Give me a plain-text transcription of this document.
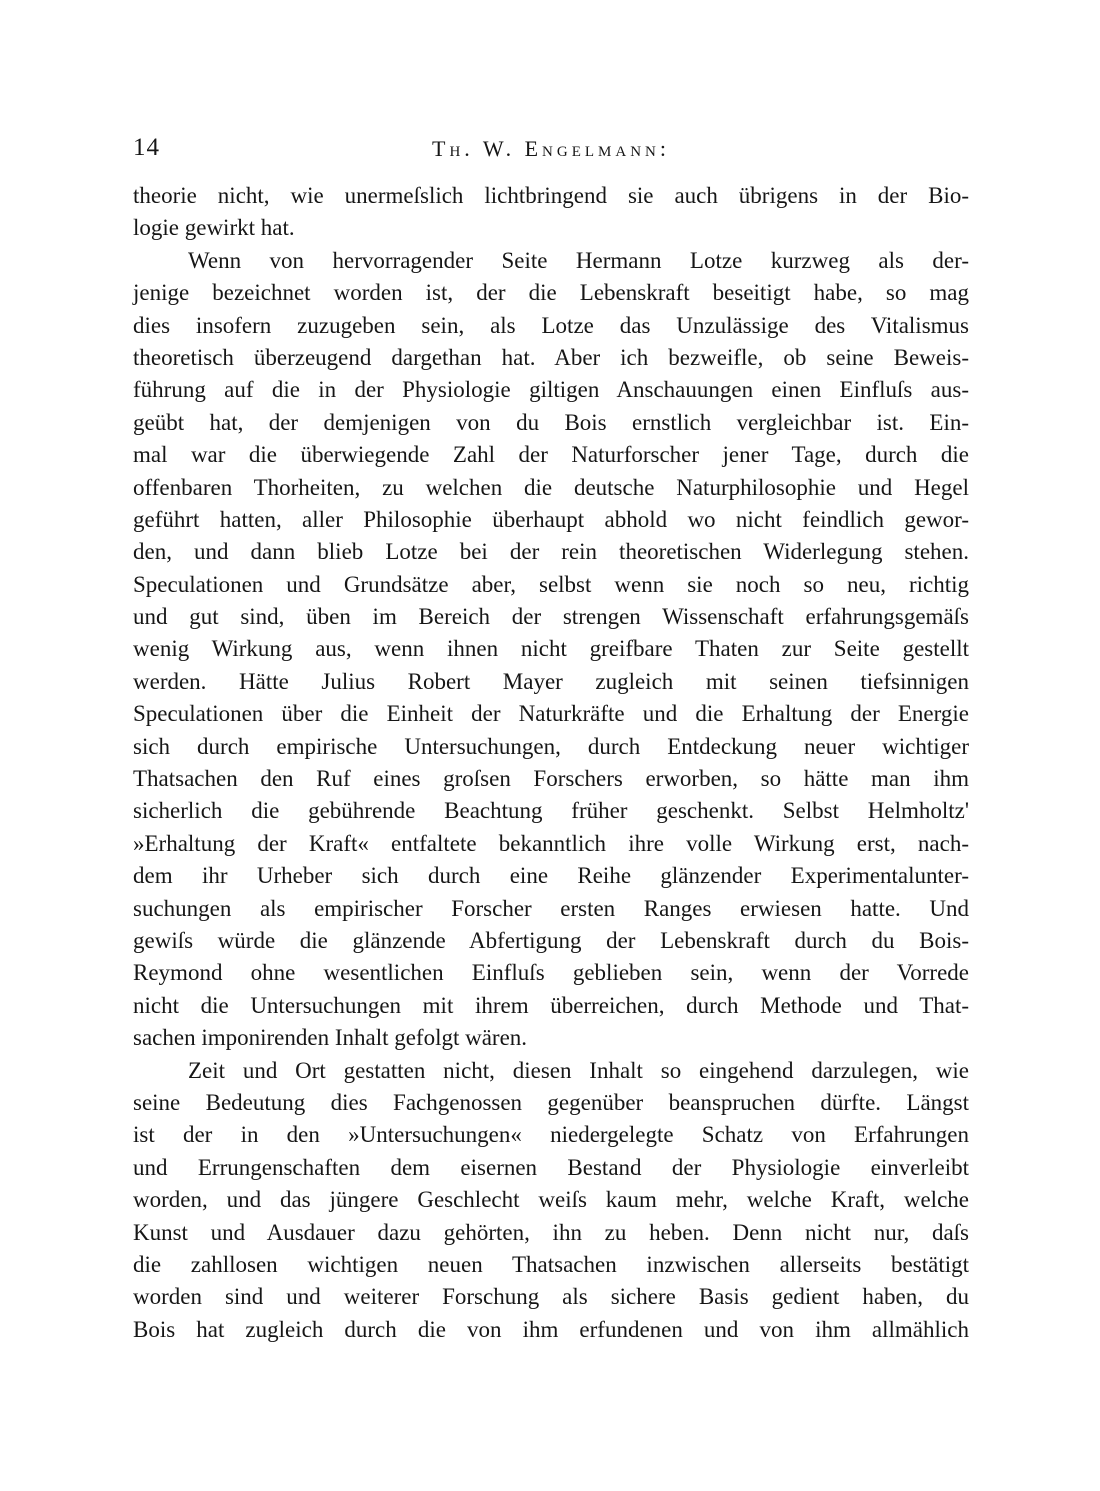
14	Th. W. Engelmann:
theorie nicht, wie unermeſslich lichtbringend sie auch übrigens in der Bio-
logie gewirkt hat.
Wenn von hervorragender Seite Hermann Lotze kurzweg als der-
jenige bezeichnet worden ist, der die Lebenskraft beseitigt habe, so mag
dies insofern zuzugeben sein, als Lotze das Unzulässige des Vitalismus
theoretisch überzeugend dargethan hat. Aber ich bezweifle, ob seine Beweis-
führung auf die in der Physiologie giltigen Anschauungen einen Einfluſs aus-
geübt hat, der demjenigen von du Bois ernstlich vergleichbar ist. Ein-
mal war die überwiegende Zahl der Naturforscher jener Tage, durch die
offenbaren Thorheiten, zu welchen die deutsche Naturphilosophie und Hegel
geführt hatten, aller Philosophie überhaupt abhold wo nicht feindlich gewor-
den, und dann blieb Lotze bei der rein theoretischen Widerlegung stehen.
Speculationen und Grundsätze aber, selbst wenn sie noch so neu, richtig
und gut sind, üben im Bereich der strengen Wissenschaft erfahrungsgemäſs
wenig Wirkung aus, wenn ihnen nicht greifbare Thaten zur Seite gestellt
werden. Hätte Julius Robert Mayer zugleich mit seinen tiefsinnigen
Speculationen über die Einheit der Naturkräfte und die Erhaltung der Energie
sich durch empirische Untersuchungen, durch Entdeckung neuer wichtiger
Thatsachen den Ruf eines groſsen Forschers erworben, so hätte man ihm
sicherlich die gebührende Beachtung früher geschenkt. Selbst Helmholtz'
»Erhaltung der Kraft« entfaltete bekanntlich ihre volle Wirkung erst, nach-
dem ihr Urheber sich durch eine Reihe glänzender Experimentalunter-
suchungen als empirischer Forscher ersten Ranges erwiesen hatte. Und
gewiſs würde die glänzende Abfertigung der Lebenskraft durch du Bois-
Reymond ohne wesentlichen Einfluſs geblieben sein, wenn der Vorrede
nicht die Untersuchungen mit ihrem überreichen, durch Methode und That-
sachen imponirenden Inhalt gefolgt wären.
Zeit und Ort gestatten nicht, diesen Inhalt so eingehend darzulegen, wie
seine Bedeutung dies Fachgenossen gegenüber beanspruchen dürfte. Längst
ist der in den »Untersuchungen« niedergelegte Schatz von Erfahrungen
und Errungenschaften dem eisernen Bestand der Physiologie einverleibt
worden, und das jüngere Geschlecht weiſs kaum mehr, welche Kraft, welche
Kunst und Ausdauer dazu gehörten, ihn zu heben. Denn nicht nur, daſs
die zahllosen wichtigen neuen Thatsachen inzwischen allerseits bestätigt
worden sind und weiterer Forschung als sichere Basis gedient haben, du
Bois hat zugleich durch die von ihm erfundenen und von ihm allmählich
